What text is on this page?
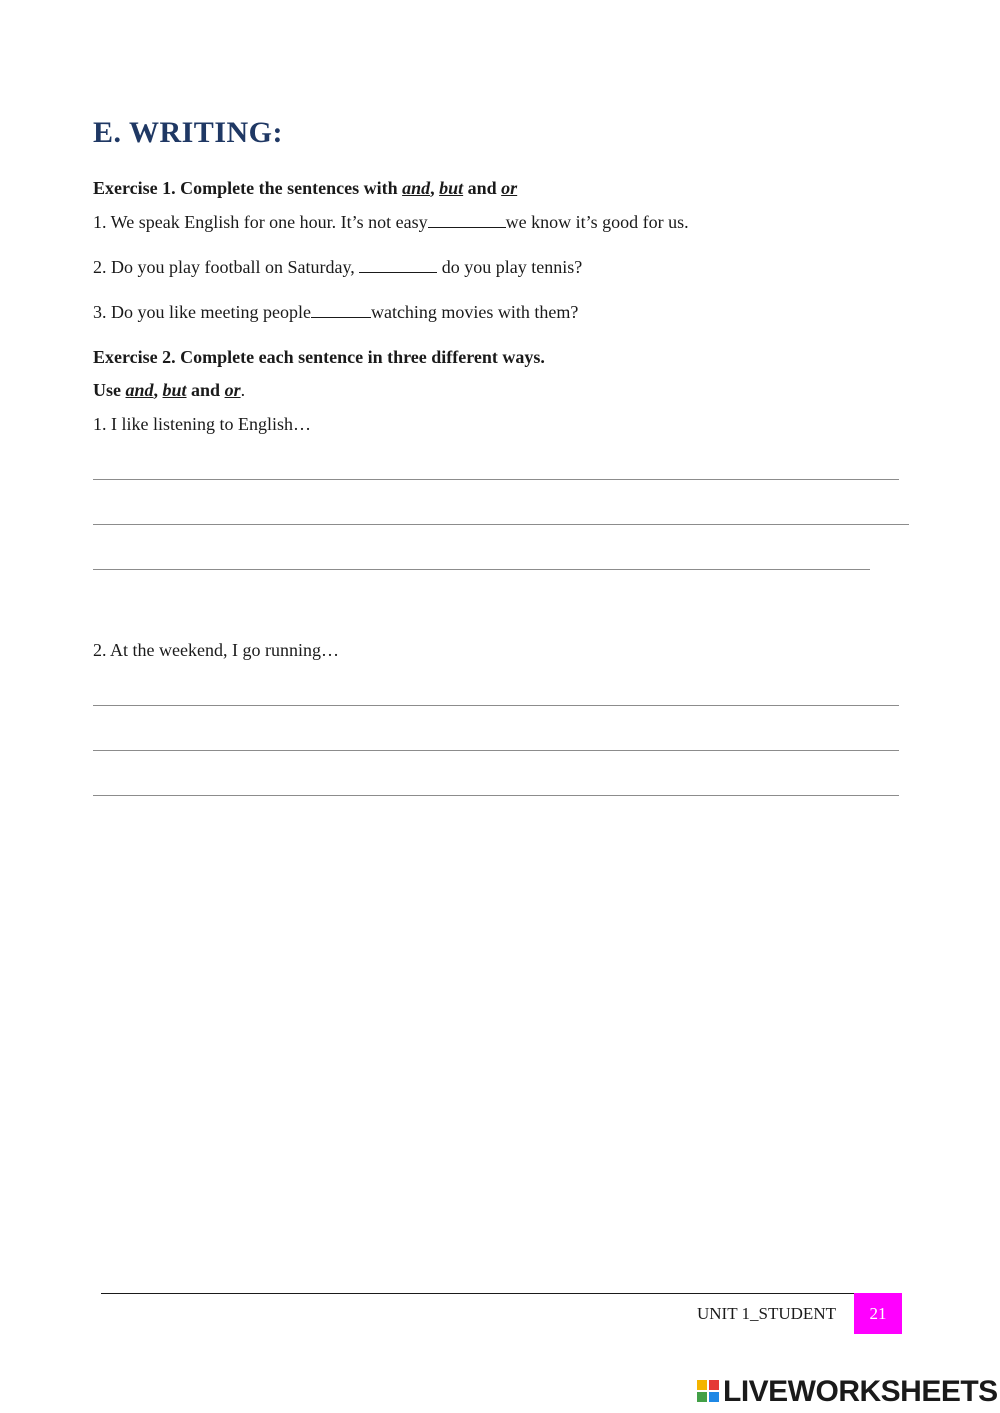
E. WRITING:
Exercise 1. Complete the sentences with and, but and or
1. We speak English for one hour. It’s not easy	we know it’s good for us.
2. Do you play football on Saturday,	do you play tennis?
3. Do you like meeting people	watching movies with them?
Exercise 2. Complete each sentence in three different ways.
Use and, but and or.
1. I like listening to English…
2. At the weekend, I go running…
UNIT 1_STUDENT 21
LIVEWORKSHEETS
